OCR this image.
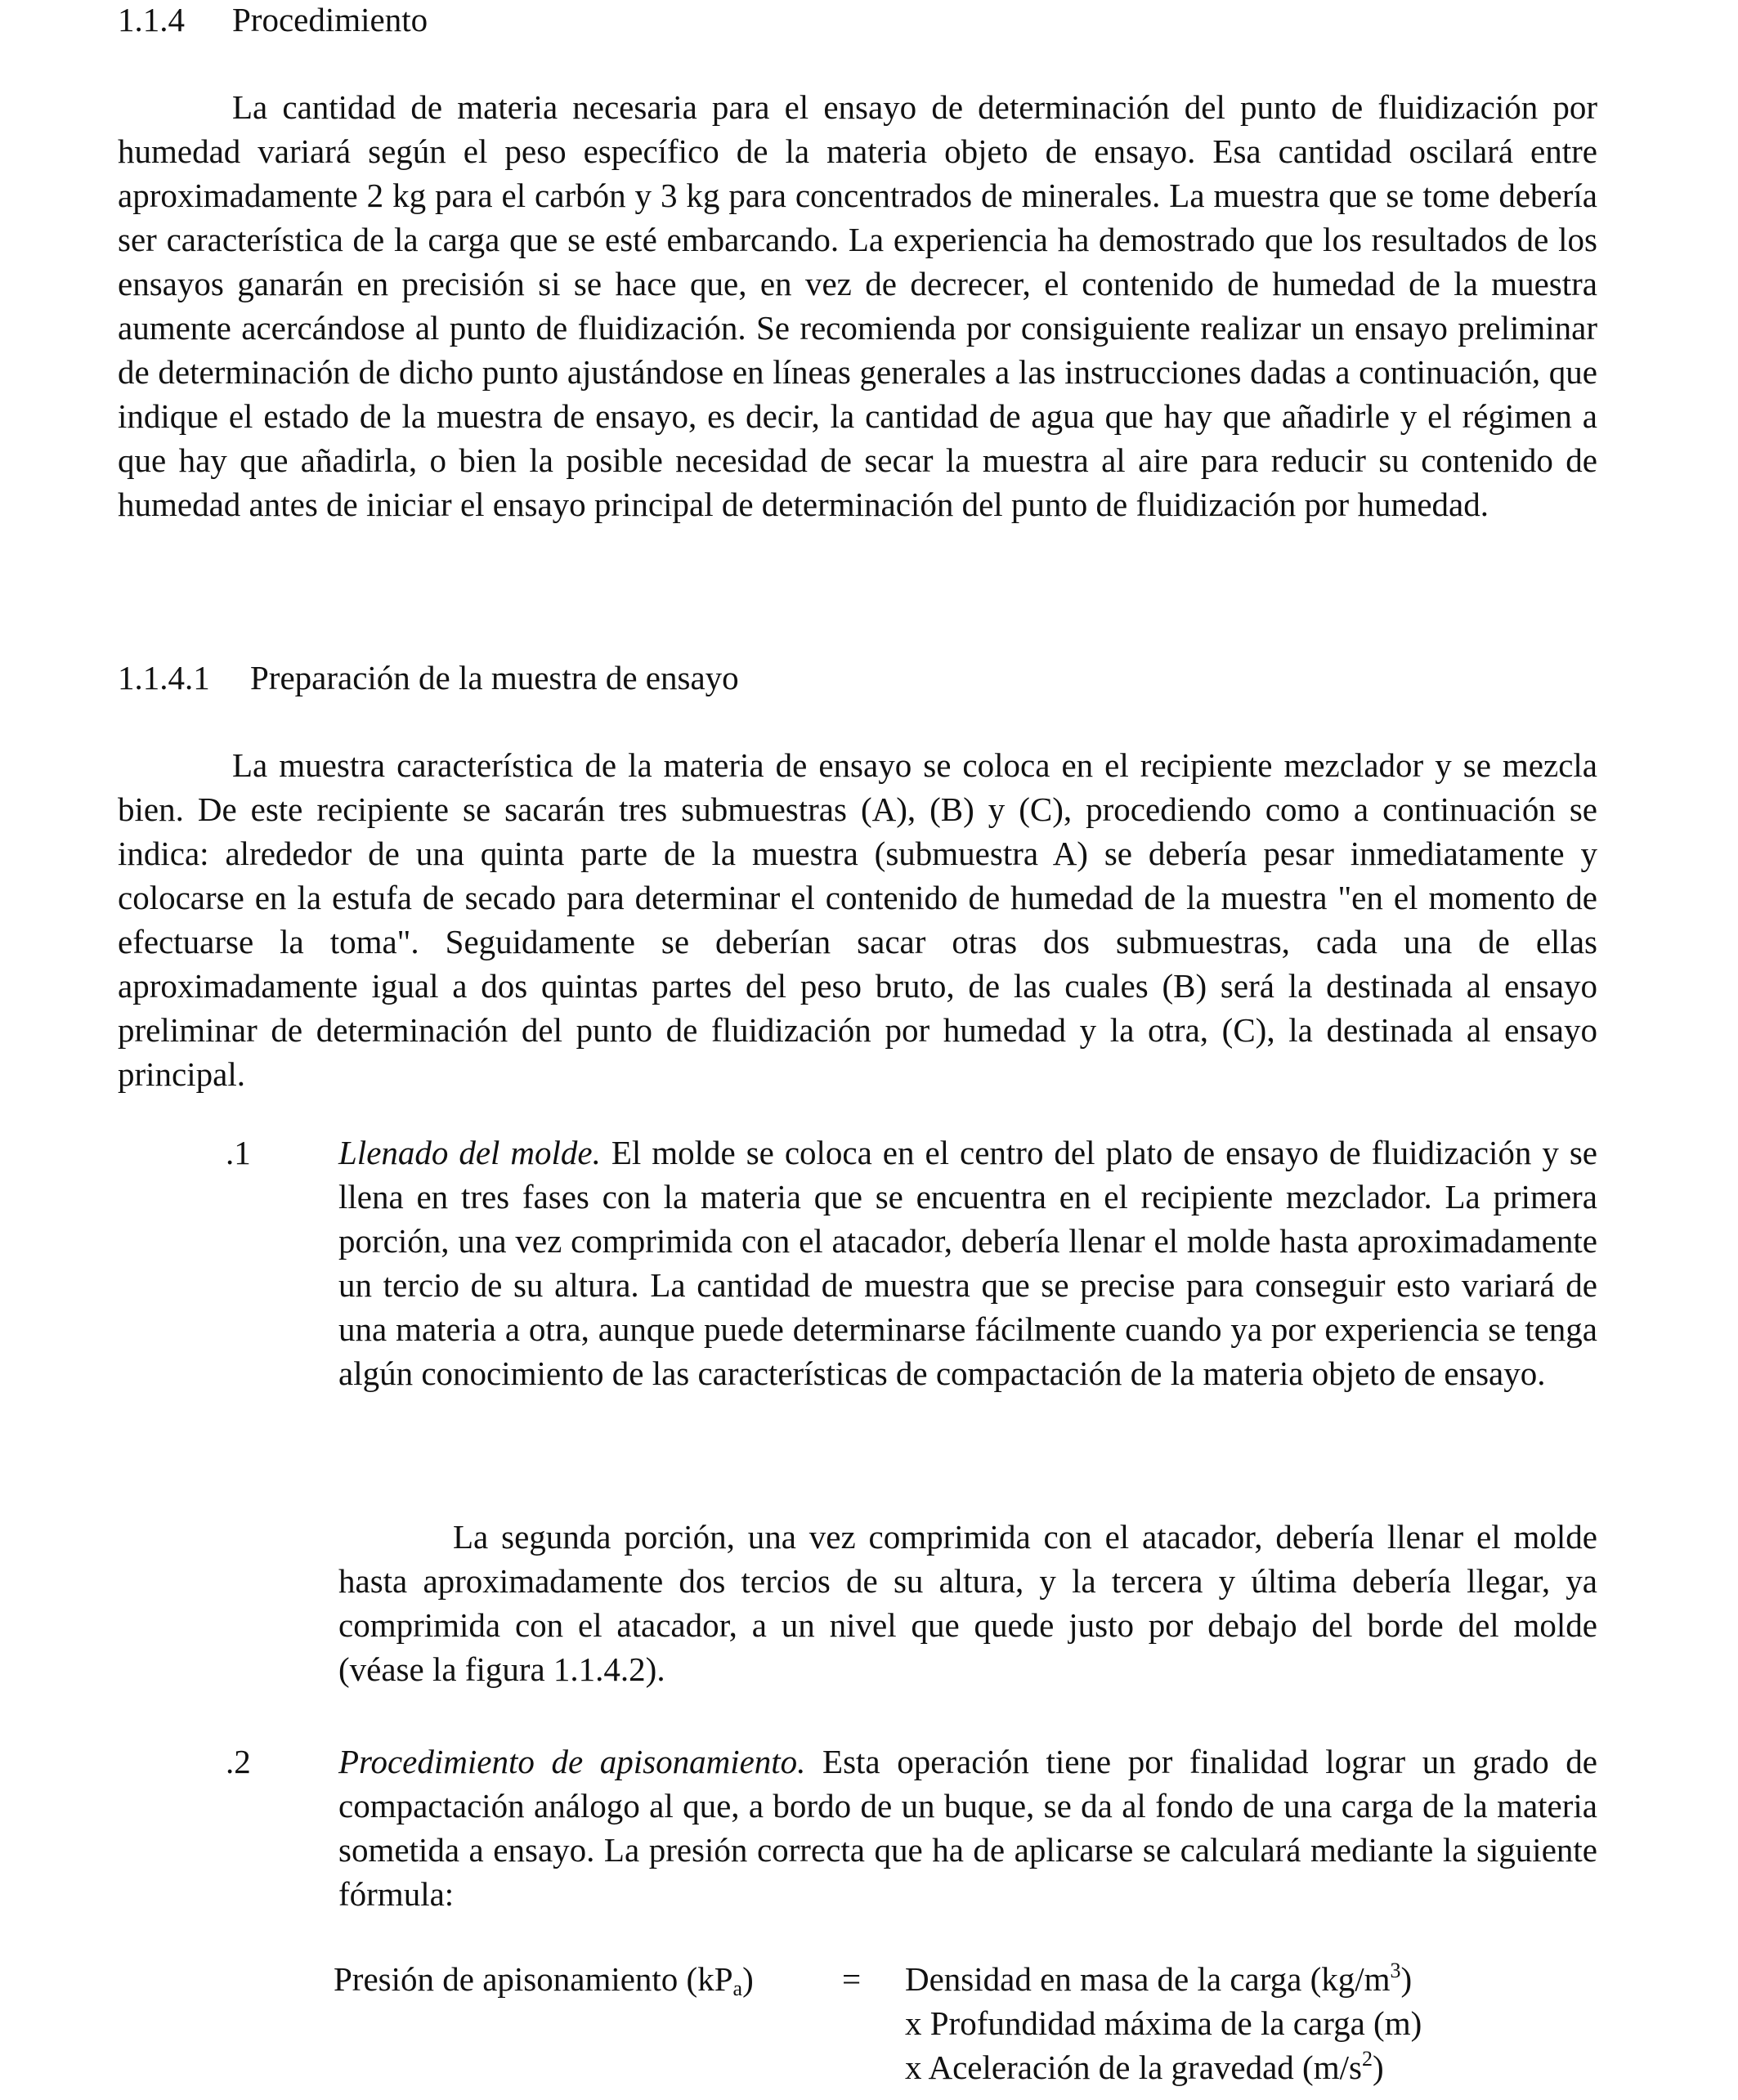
1.1.4 Procedimiento
La cantidad de materia necesaria para el ensayo de determinación del punto de fluidización por humedad variará según el peso específico de la materia objeto de ensayo. Esa cantidad oscilará entre aproximadamente 2 kg para el carbón y 3 kg para concentrados de minerales. La muestra que se tome debería ser característica de la carga que se esté embarcando. La experiencia ha demostrado que los resultados de los ensayos ganarán en precisión si se hace que, en vez de decrecer, el contenido de humedad de la muestra aumente acercándose al punto de fluidización. Se recomienda por consiguiente realizar un ensayo preliminar de determinación de dicho punto ajustándose en líneas generales a las instrucciones dadas a continuación, que indique el estado de la muestra de ensayo, es decir, la cantidad de agua que hay que añadirle y el régimen a que hay que añadirla, o bien la posible necesidad de secar la muestra al aire para reducir su contenido de humedad antes de iniciar el ensayo principal de determinación del punto de fluidización por humedad.
1.1.4.1 Preparación de la muestra de ensayo
La muestra característica de la materia de ensayo se coloca en el recipiente mezclador y se mezcla bien. De este recipiente se sacarán tres submuestras (A), (B) y (C), procediendo como a continuación se indica: alrededor de una quinta parte de la muestra (submuestra A) se debería pesar inmediatamente y colocarse en la estufa de secado para determinar el contenido de humedad de la muestra "en el momento de efectuarse la toma". Seguidamente se deberían sacar otras dos submuestras, cada una de ellas aproximadamente igual a dos quintas partes del peso bruto, de las cuales (B) será la destinada al ensayo preliminar de determinación del punto de fluidización por humedad y la otra, (C), la destinada al ensayo principal.
.1	Llenado del molde. El molde se coloca en el centro del plato de ensayo de fluidización y se llena en tres fases con la materia que se encuentra en el recipiente mezclador. La primera porción, una vez comprimida con el atacador, debería llenar el molde hasta aproximadamente un tercio de su altura. La cantidad de muestra que se precise para conseguir esto variará de una materia a otra, aunque puede determinarse fácilmente cuando ya por experiencia se tenga algún conocimiento de las características de compactación de la materia objeto de ensayo.
La segunda porción, una vez comprimida con el atacador, debería llenar el molde hasta aproximadamente dos tercios de su altura, y la tercera y última debería llegar, ya comprimida con el atacador, a un nivel que quede justo por debajo del borde del molde (véase la figura 1.1.4.2).
.2	Procedimiento de apisonamiento. Esta operación tiene por finalidad lograr un grado de compactación análogo al que, a bordo de un buque, se da al fondo de una carga de la materia sometida a ensayo. La presión correcta que ha de aplicarse se calculará mediante la siguiente fórmula:
Presión de apisonamiento $(kP_a)$	= Densidad en masa de la carga $(kg/m^3)$
x Profundidad máxima de la carga (m)
x Aceleración de la gravedad $(m/s^2)$
